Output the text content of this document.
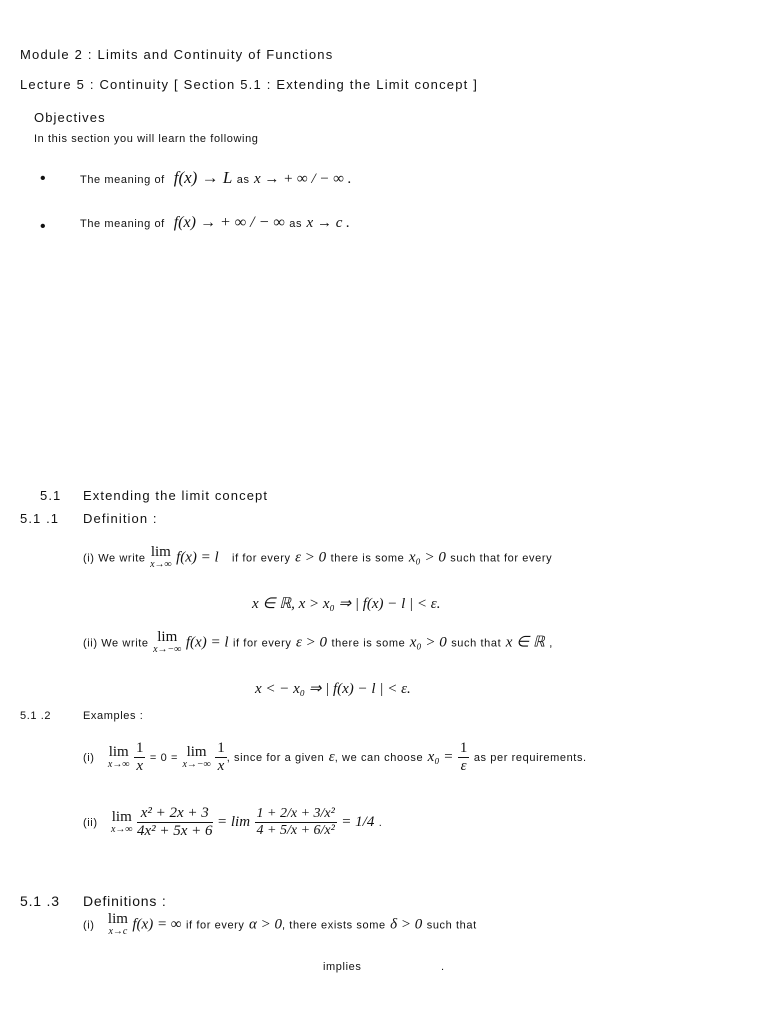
Module 2 : Limits and Continuity of Functions
Lecture 5 : Continuity [ Section 5.1 : Extending the Limit concept ]
Objectives
In this section you will learn the following
•	The meaning of f(x) → L as x → + ∞ / − ∞ .
•	The meaning of f(x) → + ∞ / − ∞ as x → c .
5.1 Extending the limit concept
5.1 .1 Definition :
(i) We write lim
x→∞ f(x) = l if for every ε > 0 there is some x₀ > 0 such that for every
x ∈ ℝ, x > x₀ ⇒ | f(x) − l | < ε.
(ii) We write lim
x→−∞ f(x) = l if for every ε > 0 there is some x₀ > 0 such that x ∈ ℝ ,
x < − x₀ ⇒ | f(x) − l | < ε.
5.1 .2	Examples :
(i) lim
x→∞
$\frac{1}{x} = 0 = \lim$
x→−∞
$\frac{1}{x}$ , since for a given ε, we can choose $x_0 = \frac{1}{\varepsilon}$ as per requirements.
(ii) lim
x→∞
$\frac{\text{x² + 2x + 3}}{\text{4x² + 5x + 6}} = \lim \frac{\text{1 + 2/x + 3/x²}}{\text{4 + 5/x + 6/x²}} = 1/4$ .
5.1 .3 Definitions :
(i) lim
x→c f(x) = ∞ if for every α > 0, there exists some δ > 0 such that
implies	.
